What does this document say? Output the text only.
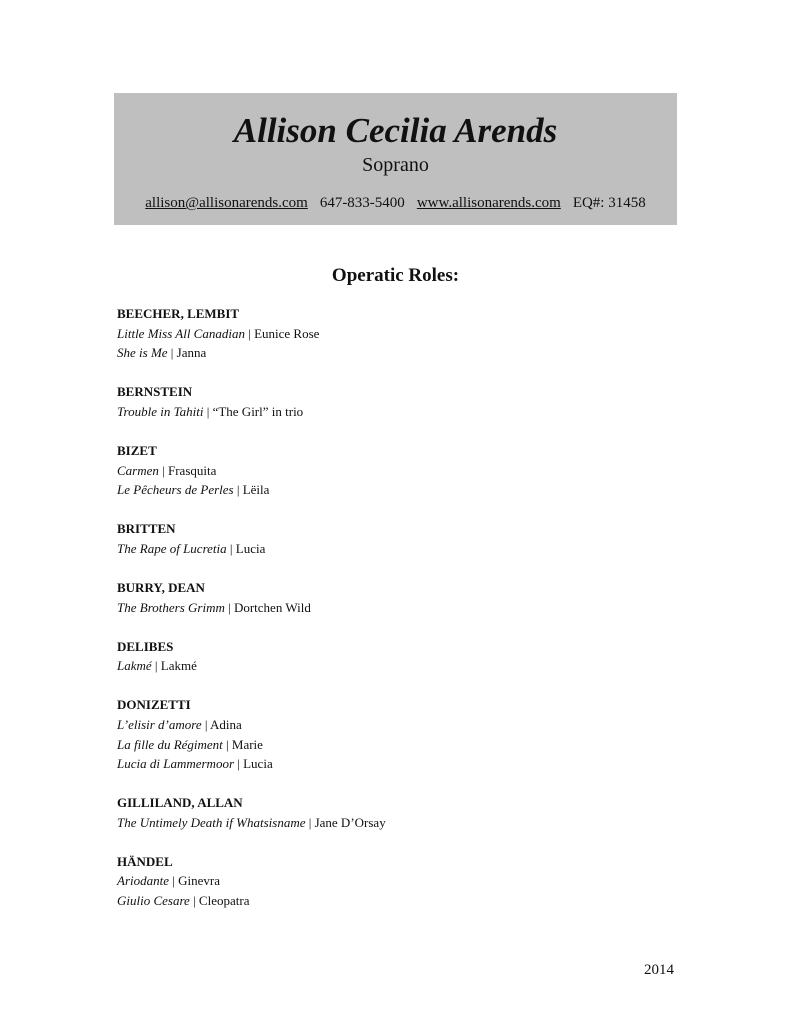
Allison Cecilia Arends
Soprano
allison@allisonarends.com 647-833-5400 www.allisonarends.com EQ#: 31458
Operatic Roles:
BEECHER, LEMBIT
Little Miss All Canadian | Eunice Rose
She is Me | Janna
BERNSTEIN
Trouble in Tahiti | “The Girl” in trio
BIZET
Carmen | Frasquita
Le Pêcheurs de Perles | Lëila
BRITTEN
The Rape of Lucretia | Lucia
BURRY, DEAN
The Brothers Grimm | Dortchen Wild
DELIBES
Lakmé | Lakmé
DONIZETTI
L’elisir d’amore | Adina
La fille du Régiment | Marie
Lucia di Lammermoor | Lucia
GILLILAND, ALLAN
The Untimely Death if Whatsisname | Jane D’Orsay
HÄNDEL
Ariodante | Ginevra
Giulio Cesare | Cleopatra
2014
